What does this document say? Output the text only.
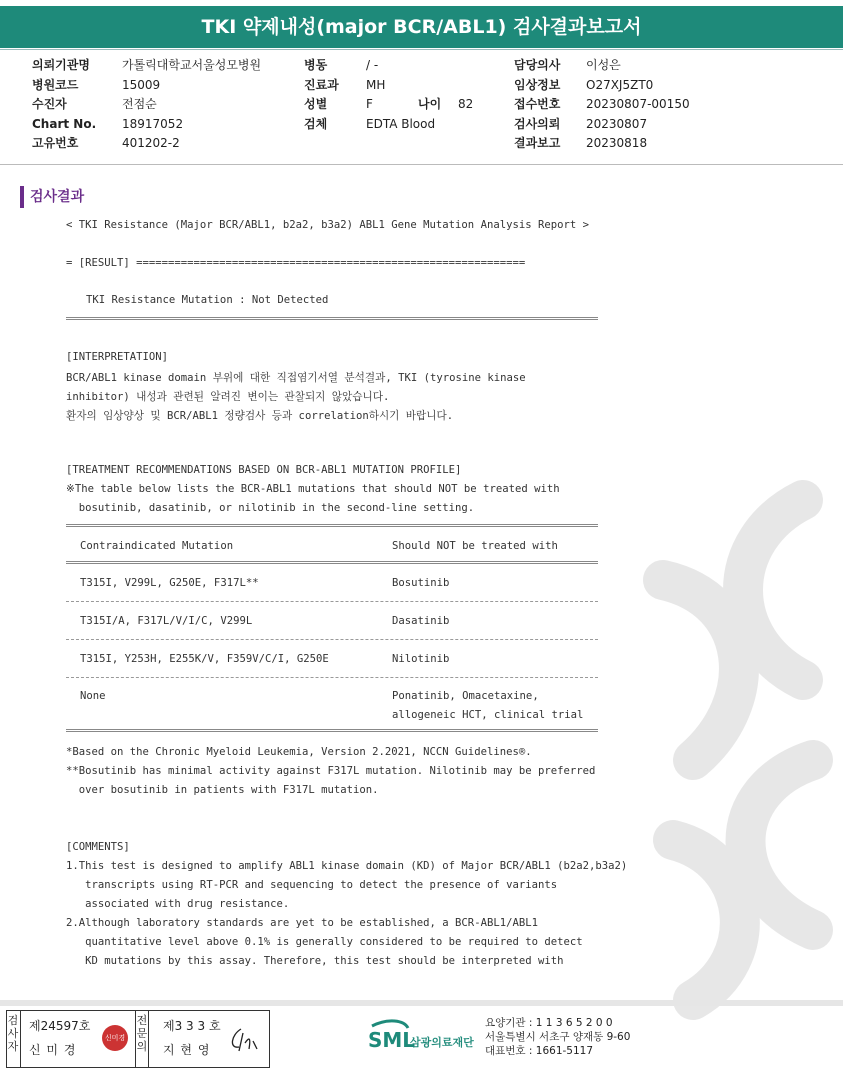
TKI 약제내성(major BCR/ABL1) 검사결과보고서
의뢰기관명	가톨릭대학교서울성모병원
병원코드	15009
수진자	전점순
Chart No. 18917052
고유번호	401202-2
병동	/ -
진료과 MH
성별	F	나이 82
검체	EDTA Blood
담당의사 이성은
임상정보 O27XJ5ZT0
접수번호 20230807-00150
검사의뢰 20230807
결과보고 20230818
검사결과
< TKI Resistance (Major BCR/ABL1, b2a2, b3a2) ABL1 Gene Mutation Analysis Report >
= [RESULT] =============================================================
TKI Resistance Mutation : Not Detected
[INTERPRETATION]
BCR/ABL1 kinase domain 부위에 대한 직접염기서열 분석결과, TKI (tyrosine kinase
inhibitor) 내성과 관련된 알려진 변이는 관찰되지 않았습니다.
환자의 임상양상 및 BCR/ABL1 정량검사 등과 correlation하시기 바랍니다.
[TREATMENT RECOMMENDATIONS BASED ON BCR-ABL1 MUTATION PROFILE]
※The table below lists the BCR-ABL1 mutations that should NOT be treated with
bosutinib, dasatinib, or nilotinib in the second-line setting.
Contraindicated Mutation	Should NOT be treated with
T315I, V299L, G250E, F317L**	Bosutinib
T315I/A, F317L/V/I/C, V299L	Dasatinib
T315I, Y253H, E255K/V, F359V/C/I, G250E	Nilotinib
None	Ponatinib, Omacetaxine,
allogeneic HCT, clinical trial
*Based on the Chronic Myeloid Leukemia, Version 2.2021, NCCN Guidelines®.
**Bosutinib has minimal activity against F317L mutation. Nilotinib may be preferred
over bosutinib in patients with F317L mutation.
[COMMENTS]
1.This test is designed to amplify ABL1 kinase domain (KD) of Major BCR/ABL1 (b2a2,b3a2)
transcripts using RT-PCR and sequencing to detect the presence of variants
associated with drug resistance.
2.Although laboratory standards are yet to be established, a BCR-ABL1/ABL1
quantitative level above 0.1% is generally considered to be required to detect
KD mutations by this assay. Therefore, this test should be interpreted with
검사자
제24597호
신 미 경
신미경
전문의
제3 3 3 호
지 현 영	SML
삼광의료재단
요양기관 : 1 1 3 6 5 2 0 0
서울특별시 서초구 양재동 9-60
대표번호 : 1661-5117
